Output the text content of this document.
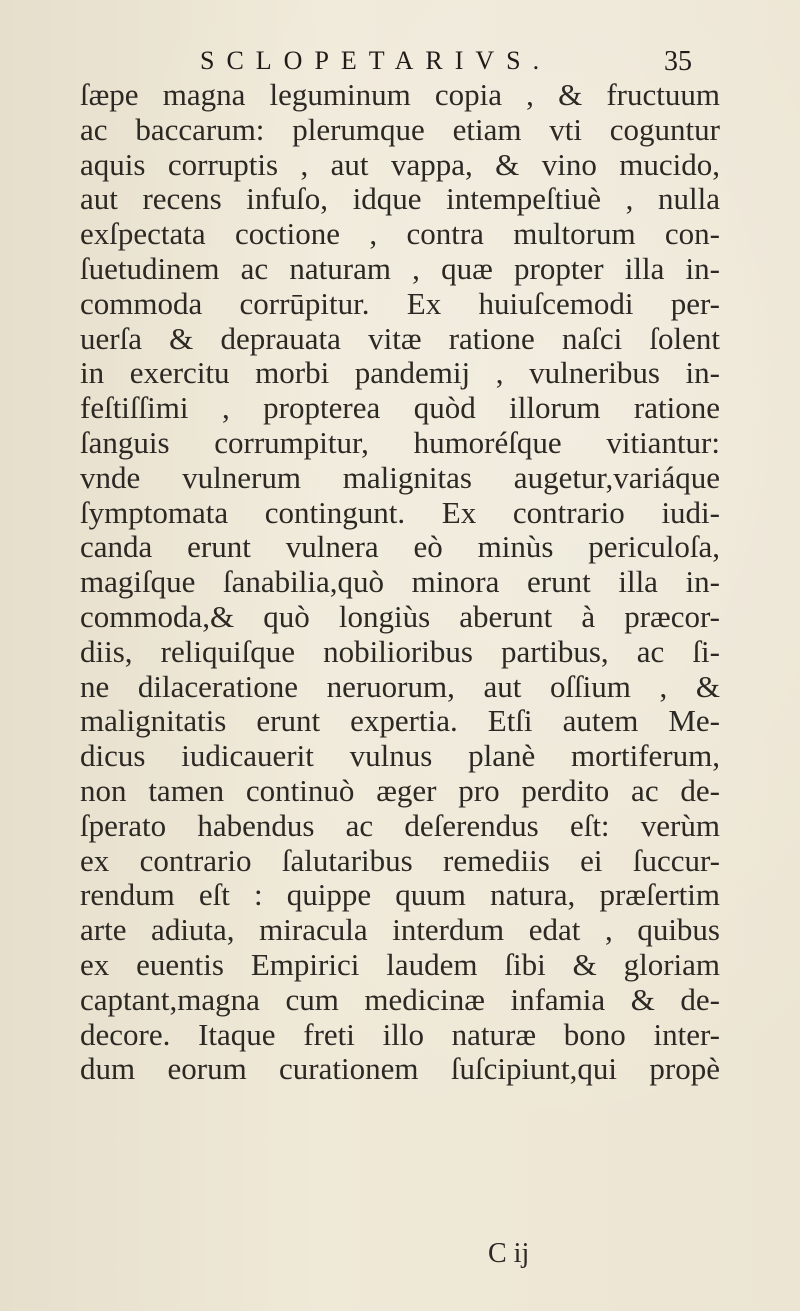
SCLOPETARIVS.	35
ſæpe magna leguminum copia , & fructuum
ac baccarum: plerumque etiam vti coguntur
aquis corruptis , aut vappa, & vino mucido,
aut recens infuſo, idque intempeſtiuè , nulla
exſpectata coctione , contra multorum con-
ſuetudinem ac naturam , quæ propter illa in-
commoda corrūpitur. Ex huiuſcemodi per-
uerſa & deprauata vitæ ratione naſci ſolent
in exercitu morbi pandemij , vulneribus in-
feſtiſſimi , propterea quòd illorum ratione
ſanguis corrumpitur, humoréſque vitiantur:
vnde vulnerum malignitas augetur,variáque
ſymptomata contingunt. Ex contrario iudi-
canda erunt vulnera eò minùs periculoſa,
magiſque ſanabilia,quò minora erunt illa in-
commoda,& quò longiùs aberunt à præcor-
diis, reliquiſque nobilioribus partibus, ac ſi-
ne dilaceratione neruorum, aut oſſium , &
malignitatis erunt expertia. Etſi autem Me-
dicus iudicauerit vulnus planè mortiferum,
non tamen continuò æger pro perdito ac de-
ſperato habendus ac deſerendus eſt: verùm
ex contrario ſalutaribus remediis ei ſuccur-
rendum eſt : quippe quum natura, præſertim
arte adiuta, miracula interdum edat , quibus
ex euentis Empirici laudem ſibi & gloriam
captant,magna cum medicinæ infamia & de-
decore. Itaque freti illo naturæ bono inter-
dum eorum curationem ſuſcipiunt,qui propè
C ij
